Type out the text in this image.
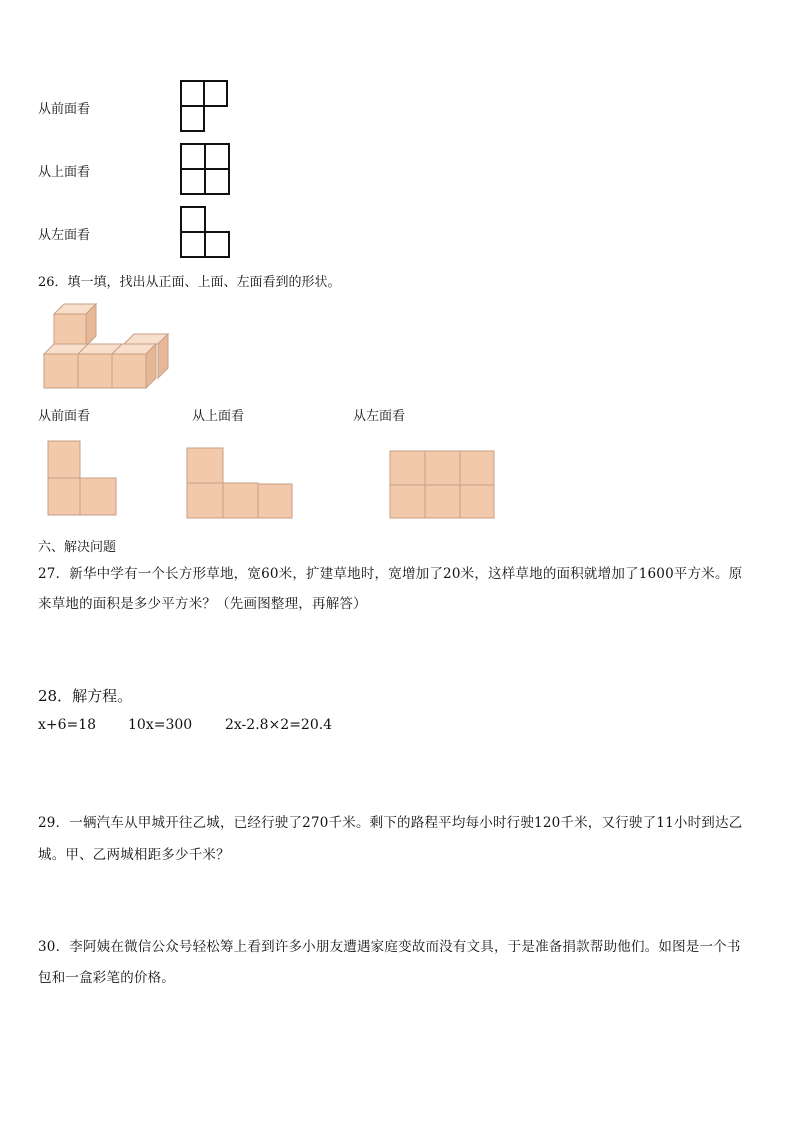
从前面看
从上面看
从左面看
26．填一填，找出从正面、上面、左面看到的形状。
从前面看	从上面看	从左面看
六、解决问题
27．新华中学有一个长方形草地，宽60米，扩建草地时，宽增加了20米，这样草地的面积就增加了1600平方米。原
来草地的面积是多少平方米？（先画图整理，再解答）
28．解方程。
x+6=18 10x=300 2x-2.8×2=20.4
29．一辆汽车从甲城开往乙城，已经行驶了270千米。剩下的路程平均每小时行驶120千米，又行驶了11小时到达乙
城。甲、乙两城相距多少千米？
30．李阿姨在微信公众号轻松筹上看到许多小朋友遭遇家庭变故而没有文具，于是准备捐款帮助他们。如图是一个书
包和一盒彩笔的价格。
